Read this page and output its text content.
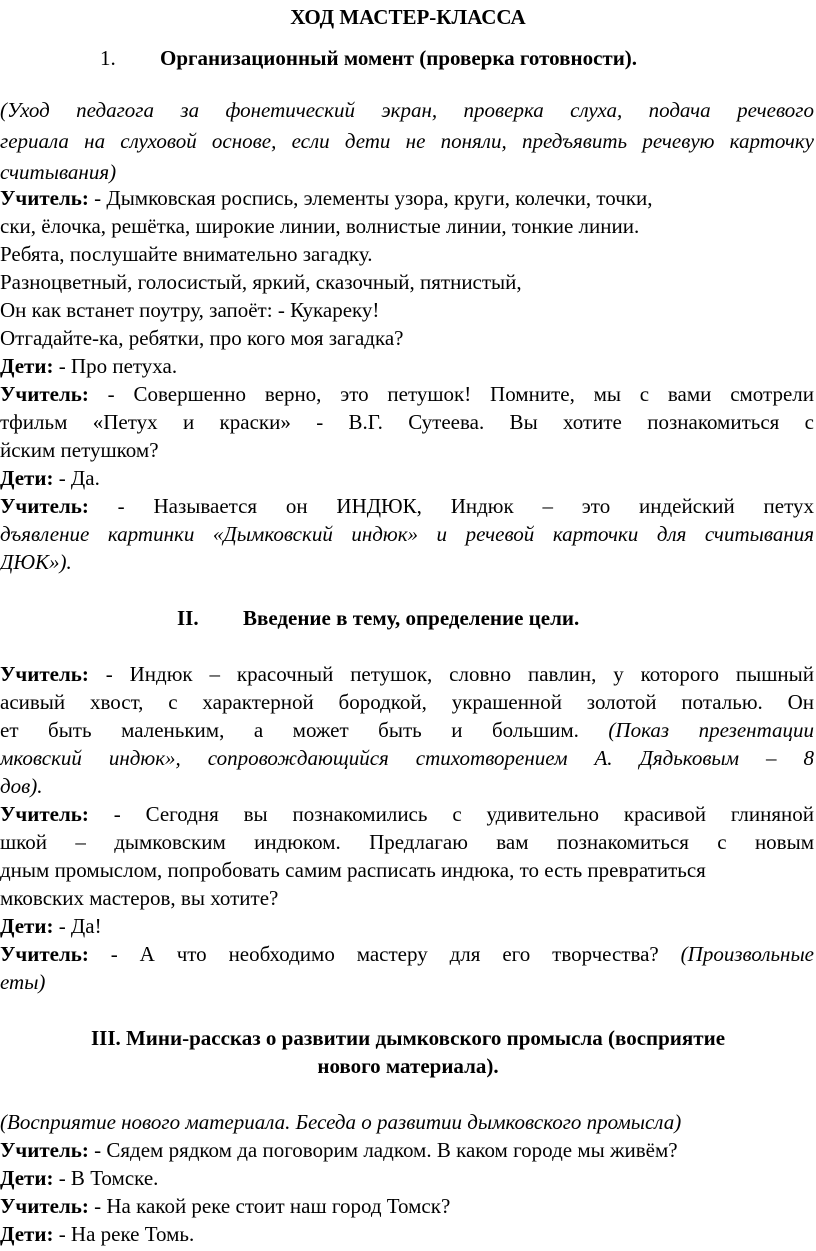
ХОД МАСТЕР-КЛАССА
1. Организационный момент (проверка готовности).
(Уход педагога за фонетический экран, проверка слуха, подача речевого
гериала на слуховой основе, если дети не поняли, предъявить речевую карточку
считывания)
Учитель: - Дымковская роспись, элементы узора, круги, колечки, точки,
ски, ёлочка, решётка, широкие линии, волнистые линии, тонкие линии.
Ребята, послушайте внимательно загадку.
Разноцветный, голосистый, яркий, сказочный, пятнистый,
Он как встанет поутру, запоёт: - Кукареку!
Отгадайте-ка, ребятки, про кого моя загадка?
Дети: - Про петуха.
Учитель: - Совершенно верно, это петушок! Помните, мы с вами смотрели
тфильм «Петух и краски» - В.Г. Сутеева. Вы хотите познакомиться с
йским петушком?
Дети: - Да.
Учитель: - Называется он ИНДЮК, Индюк – это индейский петух
дъявление картинки «Дымковский индюк» и речевой карточки для считывания
ДЮК»).
II. Введение в тему, определение цели.
Учитель: - Индюк – красочный петушок, словно павлин, у которого пышный
асивый хвост, с характерной бородкой, украшенной золотой поталью. Он
ет быть маленьким, а может быть и большим. (Показ презентации
мковский индюк», сопровождающийся стихотворением А. Дядьковым – 8
дов).
Учитель: - Сегодня вы познакомились с удивительно красивой глиняной
шкой – дымковским индюком. Предлагаю вам познакомиться с новым
дным промыслом, попробовать самим расписать индюка, то есть превратиться
мковских мастеров, вы хотите?
Дети: - Да!
Учитель: - А что необходимо мастеру для его творчества? (Произвольные
еты)
III. Мини-рассказ о развитии дымковского промысла (восприятие
нового материала).
(Восприятие нового материала. Беседа о развитии дымковского промысла)
Учитель: - Сядем рядком да поговорим ладком. В каком городе мы живём?
Дети: - В Томске.
Учитель: - На какой реке стоит наш город Томск?
Дети: - На реке Томь.
